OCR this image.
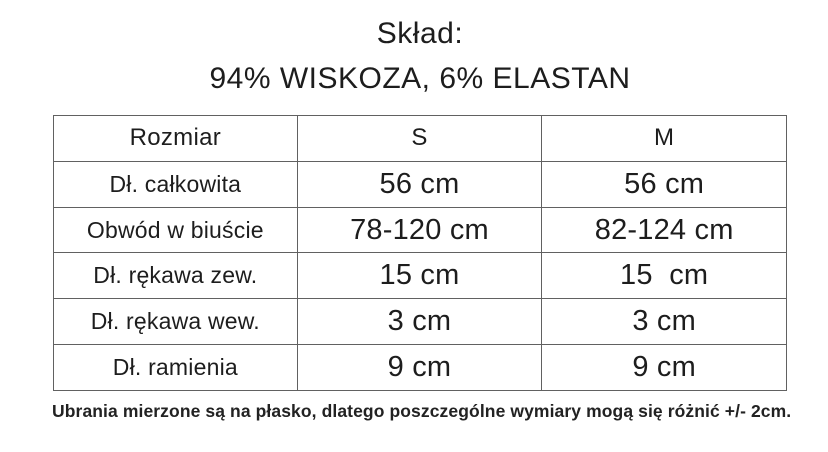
Skład:
94% WISKOZA, 6% ELASTAN
Rozmiar	S	M
Dł. całkowita	56 cm	56 cm
Obwód w biuście	78-120 cm	82-124 cm
Dł. rękawa zew.	15 cm	15  cm
Dł. rękawa wew.	3 cm	3 cm
Dł. ramienia	9 cm	9 cm
Ubrania mierzone są na płasko, dlatego poszczególne wymiary mogą się różnić +/- 2cm.
